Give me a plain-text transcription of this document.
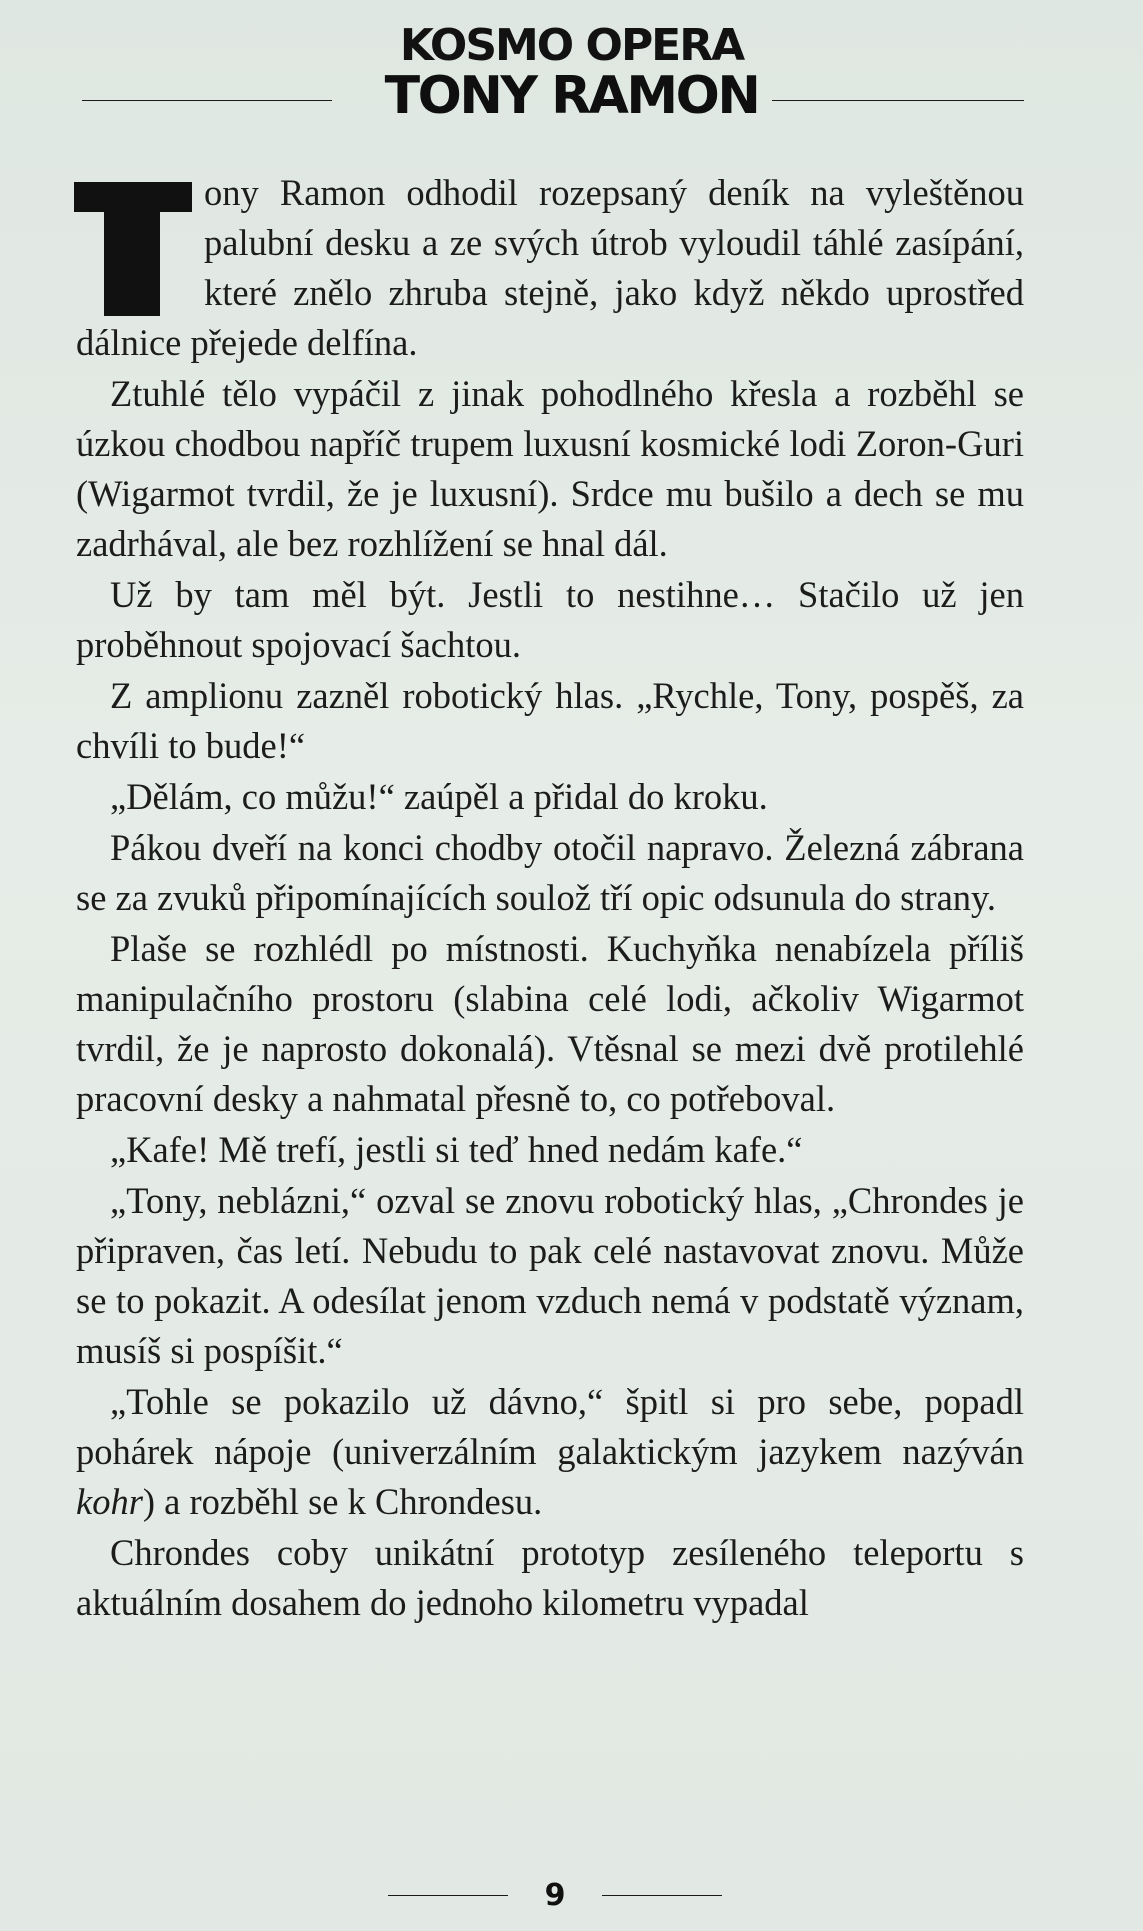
KOSMO OPERA
TONY RAMON

ony Ramon odhodil rozepsaný deník na vyleštěnou palubní desku a ze svých útrob vyloudil táhlé zasípání, které znělo zhruba stejně, jako když někdo uprostřed dálnice přejede delfína.

Ztuhlé tělo vypáčil z jinak pohodlného křesla a rozběhl se úzkou chodbou napříč trupem luxusní kosmické lodi Zoron-Guri (Wigarmot tvrdil, že je luxusní). Srdce mu bušilo a dech se mu zadrhával, ale bez rozhlížení se hnal dál.

Už by tam měl být. Jestli to nestihne… Stačilo už jen proběhnout spojovací šachtou.

Z amplionu zazněl robotický hlas. „Rychle, Tony, pospěš, za chvíli to bude!“

„Dělám, co můžu!“ zaúpěl a přidal do kroku.

Pákou dveří na konci chodby otočil napravo. Železná zábrana se za zvuků připomínajících soulož tří opic odsunula do strany.

Plaše se rozhlédl po místnosti. Kuchyňka nenabízela příliš manipulačního prostoru (slabina celé lodi, ačkoliv Wigarmot tvrdil, že je naprosto dokonalá). Vtěsnal se mezi dvě protilehlé pracovní desky a nahmatal přesně to, co potřeboval.

„Kafe! Mě trefí, jestli si teď hned nedám kafe.“

„Tony, neblázni,“ ozval se znovu robotický hlas, „Chrondes je připraven, čas letí. Nebudu to pak celé nastavovat znovu. Může se to pokazit. A odesílat jenom vzduch nemá v podstatě význam, musíš si pospíšit.“

„Tohle se pokazilo už dávno,“ špitl si pro sebe, popadl pohárek nápoje (univerzálním galaktickým jazykem nazýván kohr) a rozběhl se k Chrondesu.

Chrondes coby unikátní prototyp zesíleného teleportu s aktuálním dosahem do jednoho kilometru vypadal

9
